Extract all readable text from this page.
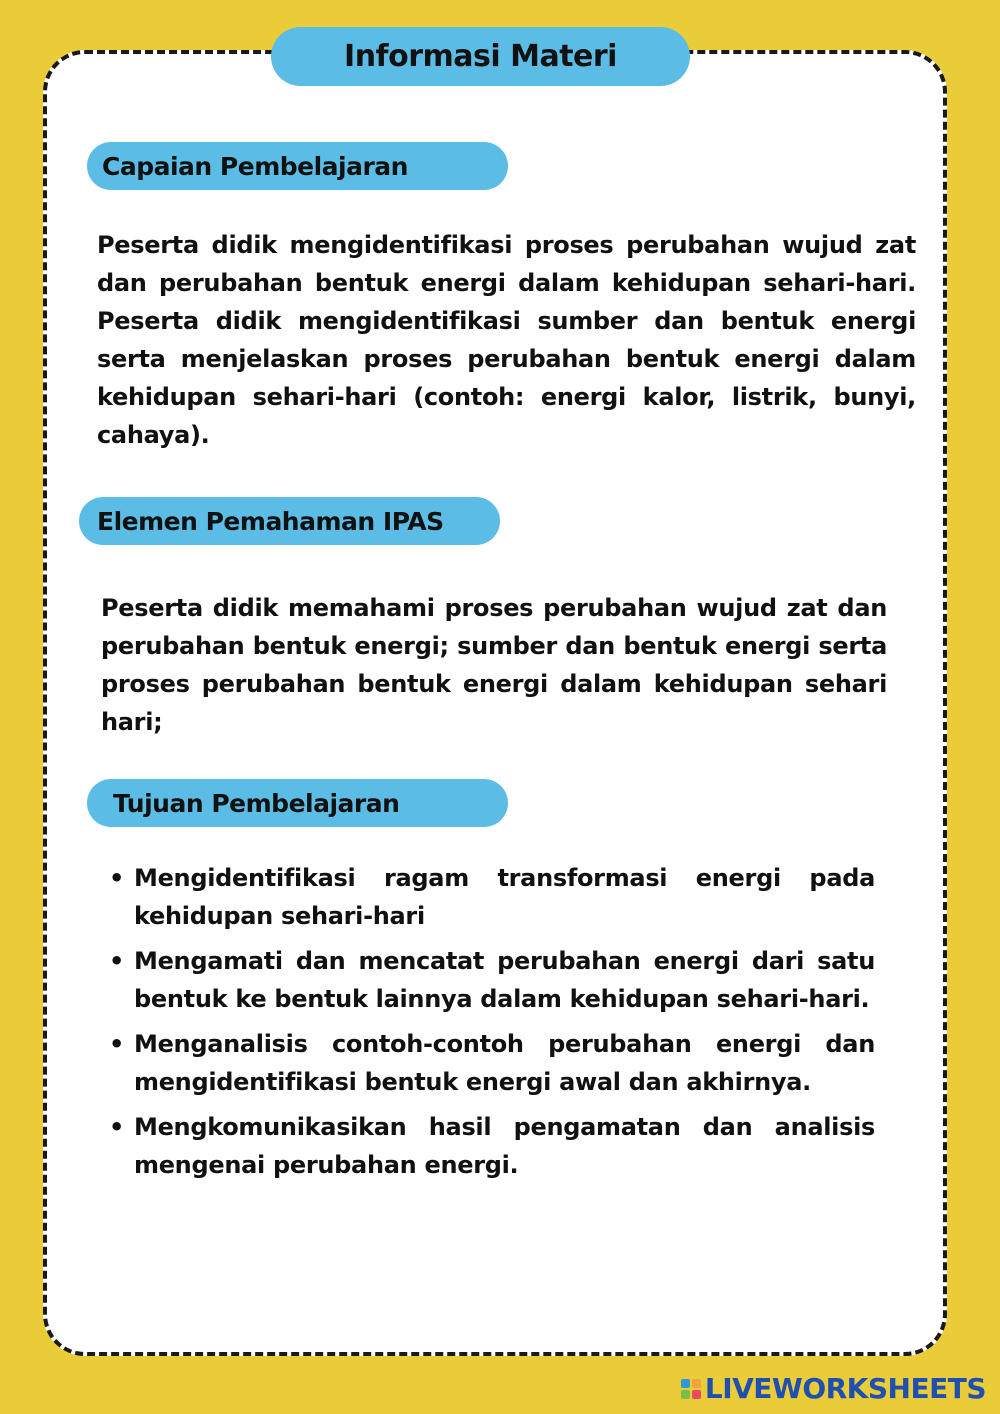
Informasi Materi
Capaian Pembelajaran
Peserta didik mengidentifikasi proses perubahan wujud zat dan perubahan bentuk energi dalam kehidupan sehari-hari. Peserta didik mengidentifikasi sumber dan bentuk energi serta menjelaskan proses perubahan bentuk energi dalam kehidupan sehari-hari (contoh: energi kalor, listrik, bunyi, cahaya).
Elemen Pemahaman IPAS
Peserta didik memahami proses perubahan wujud zat dan perubahan bentuk energi; sumber dan bentuk energi serta proses perubahan bentuk energi dalam kehidupan sehari hari;
Tujuan Pembelajaran
• Mengidentifikasi ragam transformasi energi pada kehidupan sehari-hari
• Mengamati dan mencatat perubahan energi dari satu bentuk ke bentuk lainnya dalam kehidupan sehari-hari.
• Menganalisis contoh-contoh perubahan energi dan mengidentifikasi bentuk energi awal dan akhirnya.
• Mengkomunikasikan hasil pengamatan dan analisis mengenai perubahan energi.
LIVEWORKSHEETS
